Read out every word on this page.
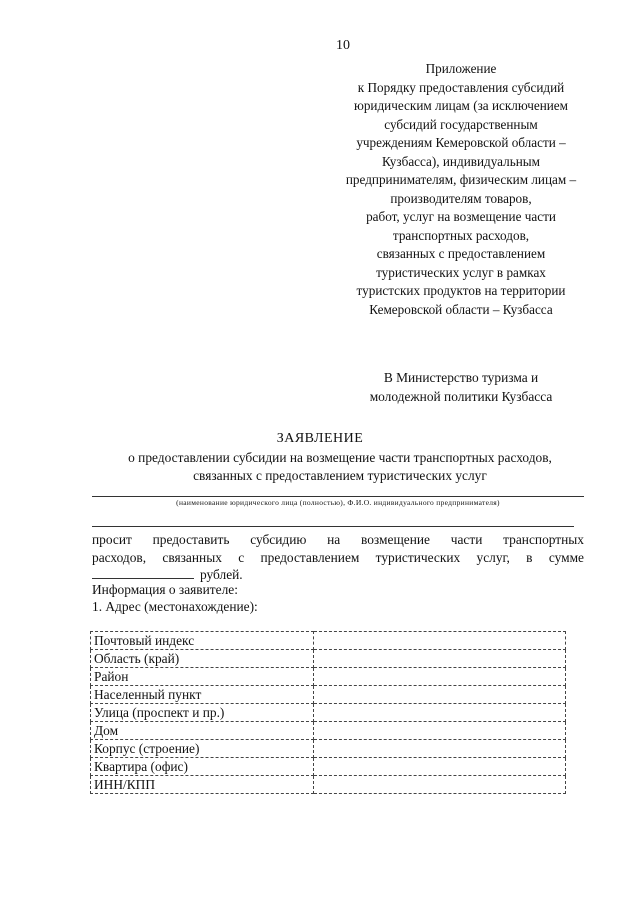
10
Приложение
к Порядку предоставления субсидий
юридическим лицам (за исключением
субсидий государственным
учреждениям Кемеровской области –
Кузбасса), индивидуальным
предпринимателям, физическим лицам –
производителям товаров,
работ, услуг на возмещение части
транспортных расходов,
связанных с предоставлением
туристических услуг в рамках
туристских продуктов на территории
Кемеровской области – Кузбасса
В Министерство туризма и
молодежной политики Кузбасса
ЗАЯВЛЕНИЕ
о предоставлении субсидии на возмещение части транспортных расходов,
связанных с предоставлением туристических услуг
(наименование юридического лица (полностью), Ф.И.О. индивидуального предпринимателя)
просит предоставить субсидию на возмещение части транспортных
расходов, связанных с предоставлением туристических услуг, в сумме
рублей.
Информация о заявителе:
1. Адрес (местонахождение):
Почтовый индекс	
Область (край)	
Район	
Населенный пункт	
Улица (проспект и пр.)	
Дом	
Корпус (строение)	
Квартира (офис)	
ИНН/КПП	
